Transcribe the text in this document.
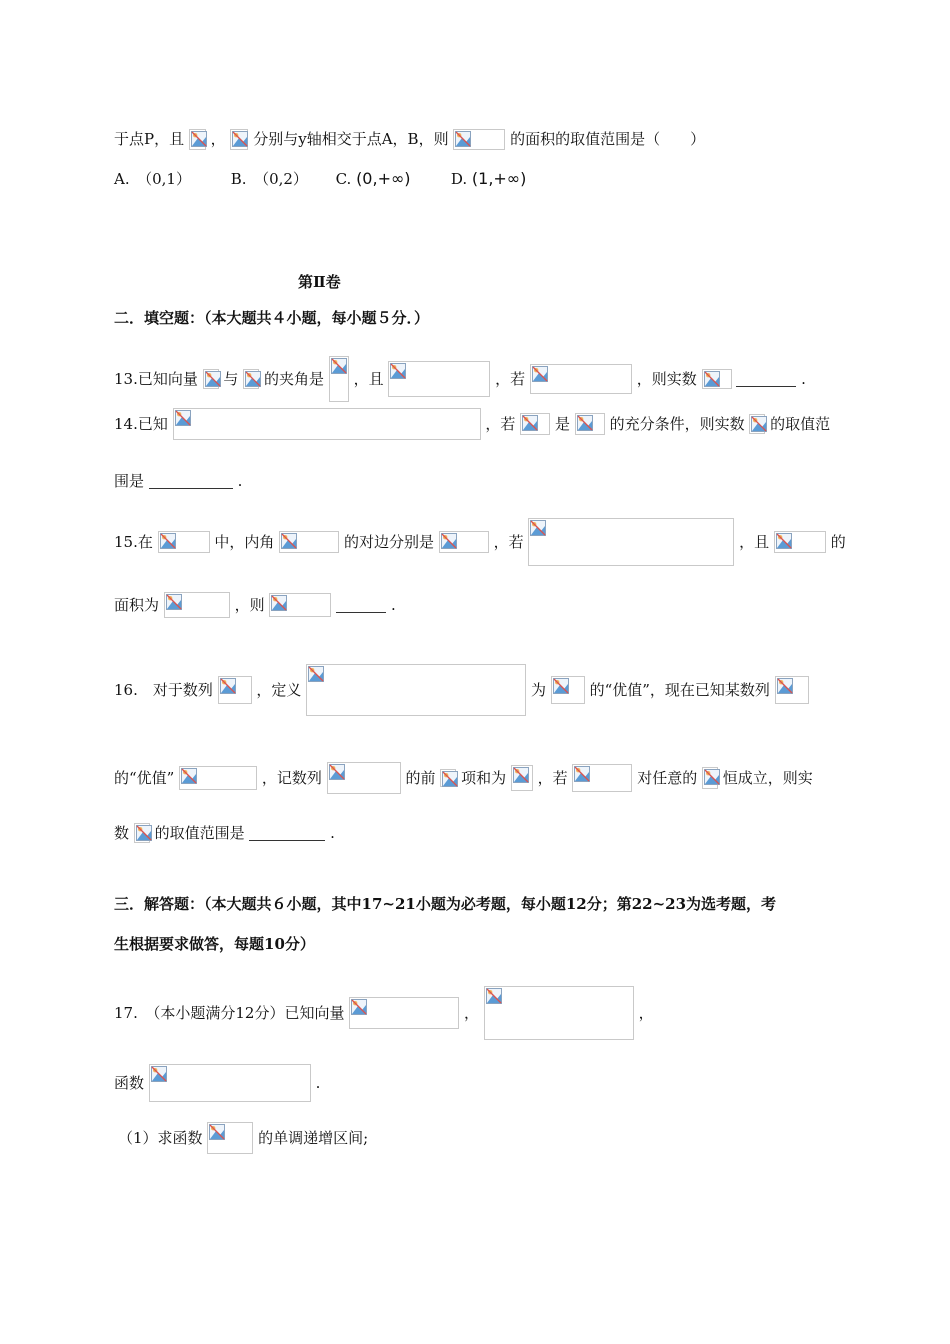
于点P，且 ， 分别与y轴相交于点A，B，则	的面积的取值范围是（　　）
A.　（0,1）	B.　（0,2） C. (0,+∞)	D. (1,+∞)
第Ⅱ卷
二．填空题：（本大题共４小题，每小题５分．）
13.已知向量 与 的夹角是 ，且	，若	，则实数	.
14.已知	，若	是	的充分条件，则实数 的取值范
围是	.
15.在	中，内角	的对边分别是	，若	，且	的
面积为	，则	.
16.　对于数列	，定义	为	的“优值”，现在已知某数列
的“优值”	，记数列	的前 项和为 ，若	对任意的 恒成立，则实
数 的取值范围是	.
三．解答题：（本大题共６小题，其中17~21小题为必考题，每小题12分；第22~23为选考题，考
生根据要求做答，每题10分）
17.　（本小题满分12分）已知向量	，	，
函数	.
（1）求函数	的单调递增区间;
